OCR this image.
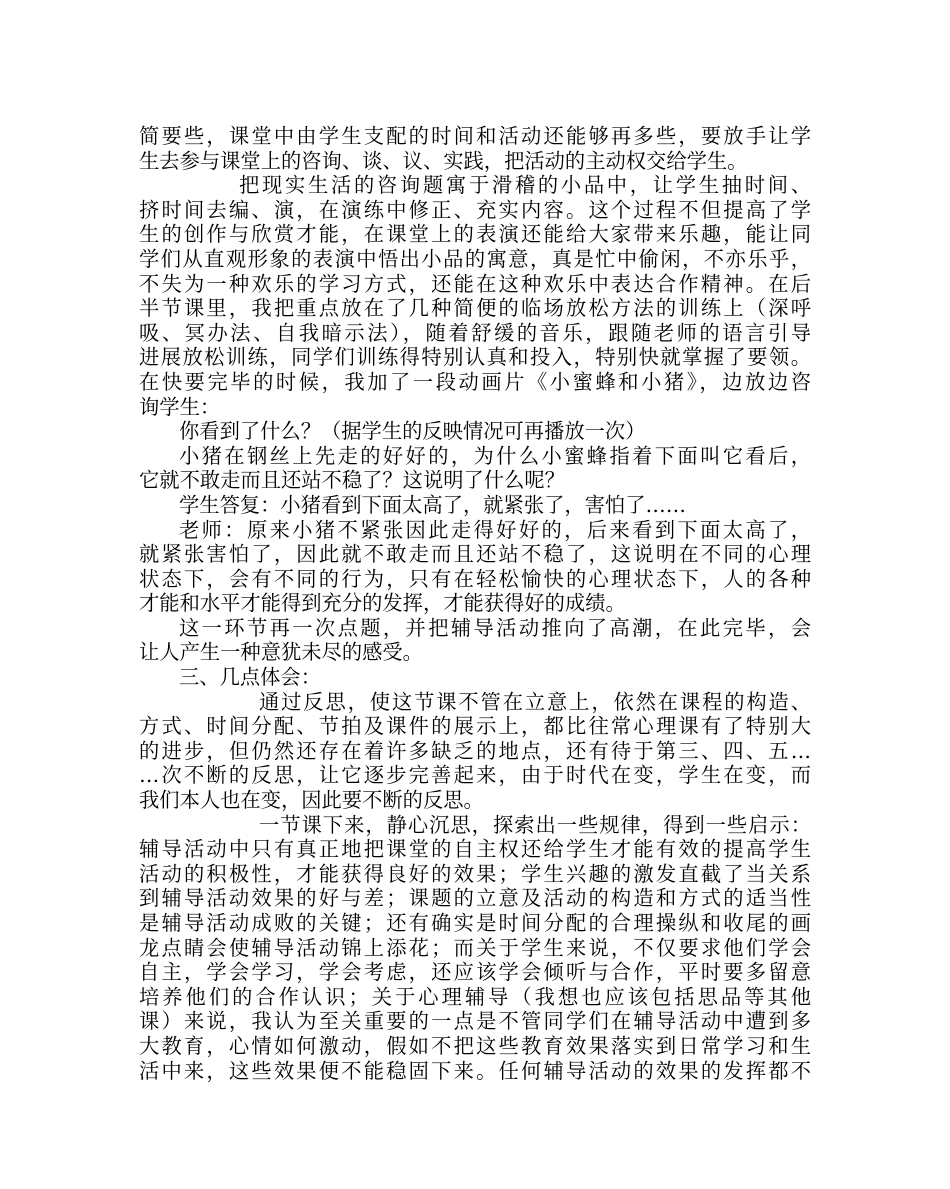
简要些，课堂中由学生支配的时间和活动还能够再多些，要放手让学
生去参与课堂上的咨询、谈、议、实践，把活动的主动权交给学生。
把现实生活的咨询题寓于滑稽的小品中，让学生抽时间、
挤时间去编、演，在演练中修正、充实内容。这个过程不但提高了学
生的创作与欣赏才能，在课堂上的表演还能给大家带来乐趣，能让同
学们从直观形象的表演中悟出小品的寓意，真是忙中偷闲，不亦乐乎，
不失为一种欢乐的学习方式，还能在这种欢乐中表达合作精神。在后
半节课里，我把重点放在了几种简便的临场放松方法的训练上（深呼
吸、冥办法、自我暗示法），随着舒缓的音乐，跟随老师的语言引导
进展放松训练，同学们训练得特别认真和投入，特别快就掌握了要领。
在快要完毕的时候，我加了一段动画片《小蜜蜂和小猪》，边放边咨
询学生：
你看到了什么？（据学生的反映情况可再播放一次）
小猪在钢丝上先走的好好的，为什么小蜜蜂指着下面叫它看后，
它就不敢走而且还站不稳了？这说明了什么呢？
学生答复：小猪看到下面太高了，就紧张了，害怕了……
老师：原来小猪不紧张因此走得好好的，后来看到下面太高了，
就紧张害怕了，因此就不敢走而且还站不稳了，这说明在不同的心理
状态下，会有不同的行为，只有在轻松愉快的心理状态下，人的各种
才能和水平才能得到充分的发挥，才能获得好的成绩。
这一环节再一次点题，并把辅导活动推向了高潮，在此完毕，会
让人产生一种意犹未尽的感受。
三、几点体会：
通过反思，使这节课不管在立意上，依然在课程的构造、
方式、时间分配、节拍及课件的展示上，都比往常心理课有了特别大
的进步，但仍然还存在着许多缺乏的地点，还有待于第三、四、五…
…次不断的反思，让它逐步完善起来，由于时代在变，学生在变，而
我们本人也在变，因此要不断的反思。
一节课下来，静心沉思，探索出一些规律，得到一些启示：
辅导活动中只有真正地把课堂的自主权还给学生才能有效的提高学生
活动的积极性，才能获得良好的效果；学生兴趣的激发直截了当关系
到辅导活动效果的好与差；课题的立意及活动的构造和方式的适当性
是辅导活动成败的关键；还有确实是时间分配的合理操纵和收尾的画
龙点睛会使辅导活动锦上添花；而关于学生来说，不仅要求他们学会
自主，学会学习，学会考虑，还应该学会倾听与合作，平时要多留意
培养他们的合作认识；关于心理辅导（我想也应该包括思品等其他
课）来说，我认为至关重要的一点是不管同学们在辅导活动中遭到多
大教育，心情如何激动，假如不把这些教育效果落实到日常学习和生
活中来，这些效果便不能稳固下来。任何辅导活动的效果的发挥都不
